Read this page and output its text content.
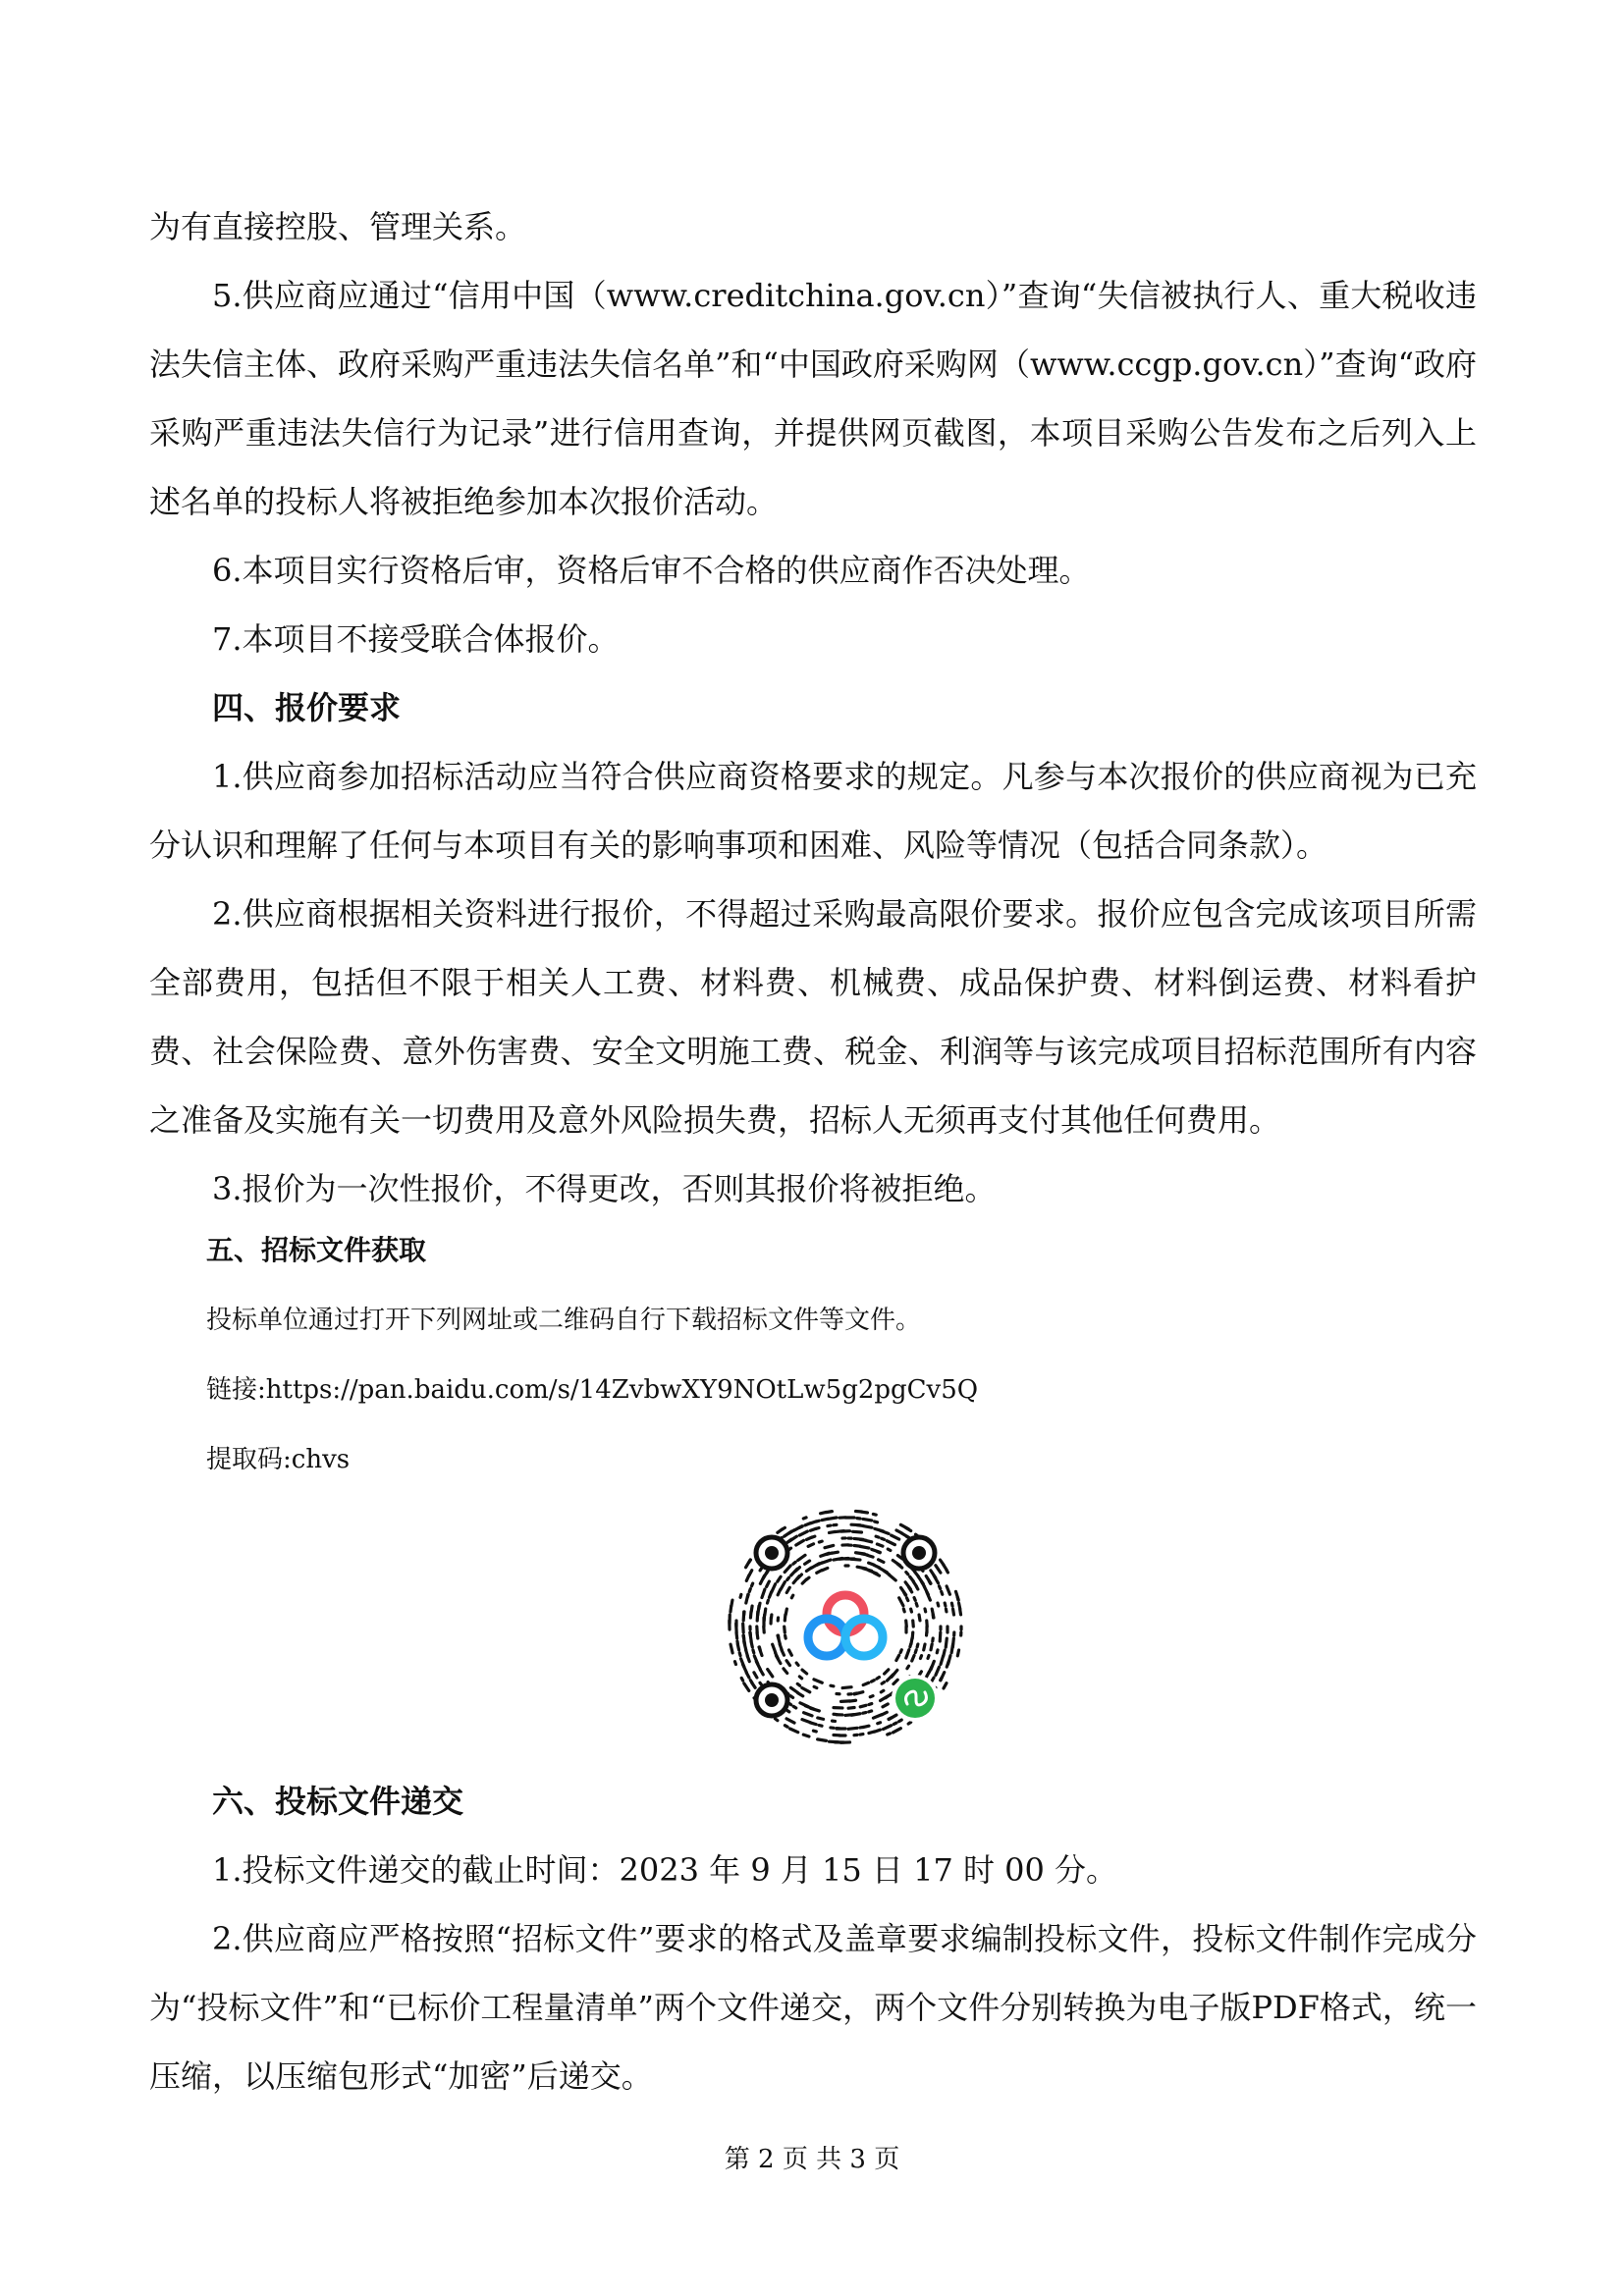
为有直接控股、管理关系。

5.供应商应通过“信用中国（www.creditchina.gov.cn）”查询“失信被执行人、重大税收违法失信主体、政府采购严重违法失信名单”和“中国政府采购网（www.ccgp.gov.cn）”查询“政府采购严重违法失信行为记录”进行信用查询，并提供网页截图，本项目采购公告发布之后列入上述名单的投标人将被拒绝参加本次报价活动。

6.本项目实行资格后审，资格后审不合格的供应商作否决处理。

7.本项目不接受联合体报价。

四、报价要求

1.供应商参加招标活动应当符合供应商资格要求的规定。凡参与本次报价的供应商视为已充分认识和理解了任何与本项目有关的影响事项和困难、风险等情况（包括合同条款）。

2.供应商根据相关资料进行报价，不得超过采购最高限价要求。报价应包含完成该项目所需全部费用，包括但不限于相关人工费、材料费、机械费、成品保护费、材料倒运费、材料看护费、社会保险费、意外伤害费、安全文明施工费、税金、利润等与该完成项目招标范围所有内容之准备及实施有关一切费用及意外风险损失费，招标人无须再支付其他任何费用。

3.报价为一次性报价，不得更改，否则其报价将被拒绝。

五、招标文件获取

投标单位通过打开下列网址或二维码自行下载招标文件等文件。

链接:https://pan.baidu.com/s/14ZvbwXY9NOtLw5g2pgCv5Q

提取码:chvs

六、投标文件递交

1.投标文件递交的截止时间：2023 年 9 月 15 日 17 时 00 分。

2.供应商应严格按照“招标文件”要求的格式及盖章要求编制投标文件，投标文件制作完成分为“投标文件”和“已标价工程量清单”两个文件递交，两个文件分别转换为电子版PDF格式，统一压缩，以压缩包形式“加密”后递交。

第 2 页 共 3 页
